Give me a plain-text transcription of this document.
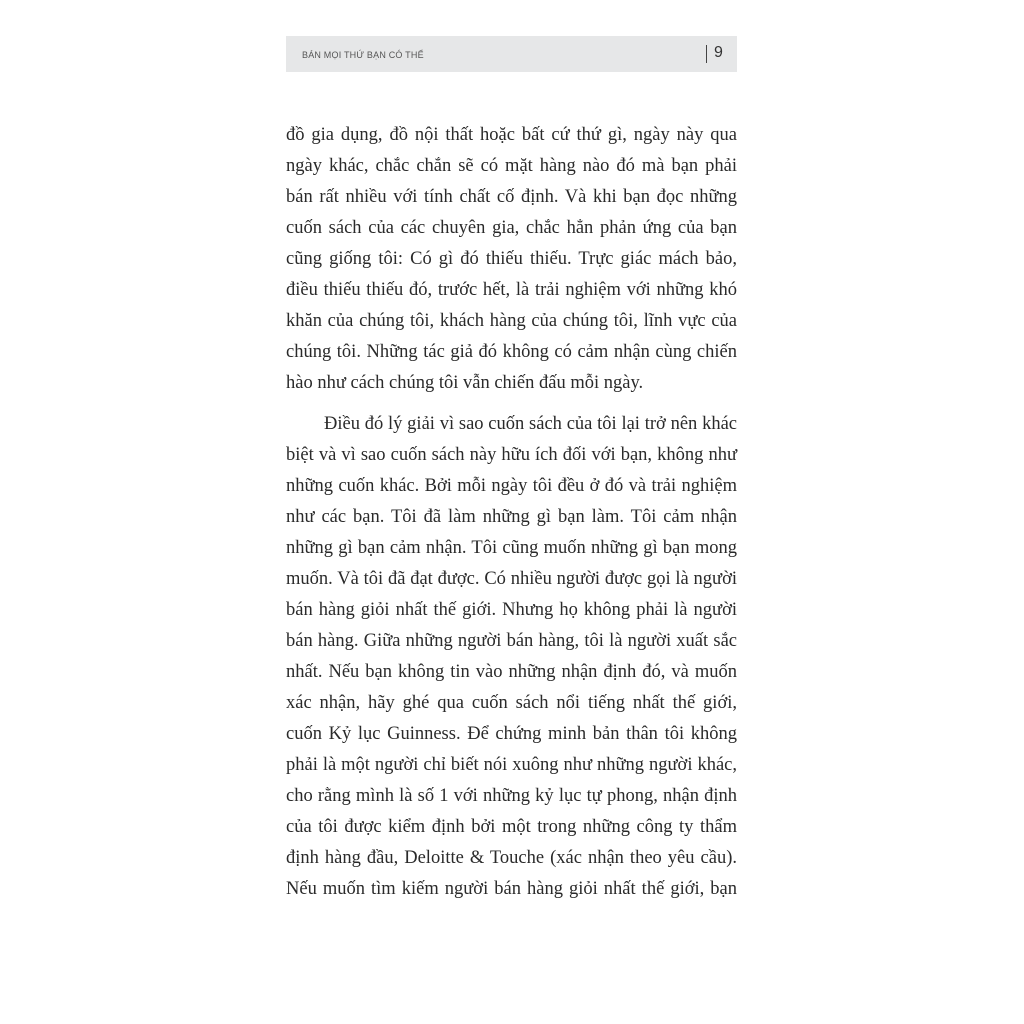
BÁN MỌI THỨ BẠN CÓ THỂ	9

đồ gia dụng, đồ nội thất hoặc bất cứ thứ gì, ngày này qua
ngày khác, chắc chắn sẽ có mặt hàng nào đó mà bạn phải
bán rất nhiều với tính chất cố định. Và khi bạn đọc những
cuốn sách của các chuyên gia, chắc hẳn phản ứng của bạn
cũng giống tôi: Có gì đó thiếu thiếu. Trực giác mách bảo,
điều thiếu thiếu đó, trước hết, là trải nghiệm với những khó
khăn của chúng tôi, khách hàng của chúng tôi, lĩnh vực của
chúng tôi. Những tác giả đó không có cảm nhận cùng chiến
hào như cách chúng tôi vẫn chiến đấu mỗi ngày.

Điều đó lý giải vì sao cuốn sách của tôi lại trở nên khác
biệt và vì sao cuốn sách này hữu ích đối với bạn, không như
những cuốn khác. Bởi mỗi ngày tôi đều ở đó và trải nghiệm
như các bạn. Tôi đã làm những gì bạn làm. Tôi cảm nhận
những gì bạn cảm nhận. Tôi cũng muốn những gì bạn mong
muốn. Và tôi đã đạt được. Có nhiều người được gọi là người
bán hàng giỏi nhất thế giới. Nhưng họ không phải là người
bán hàng. Giữa những người bán hàng, tôi là người xuất sắc
nhất. Nếu bạn không tin vào những nhận định đó, và muốn
xác nhận, hãy ghé qua cuốn sách nổi tiếng nhất thế giới,
cuốn Kỷ lục Guinness. Để chứng minh bản thân tôi không
phải là một người chỉ biết nói xuông như những người khác,
cho rằng mình là số 1 với những kỷ lục tự phong, nhận định
của tôi được kiểm định bởi một trong những công ty thẩm
định hàng đầu, Deloitte & Touche (xác nhận theo yêu cầu).
Nếu muốn tìm kiếm người bán hàng giỏi nhất thế giới, bạn
